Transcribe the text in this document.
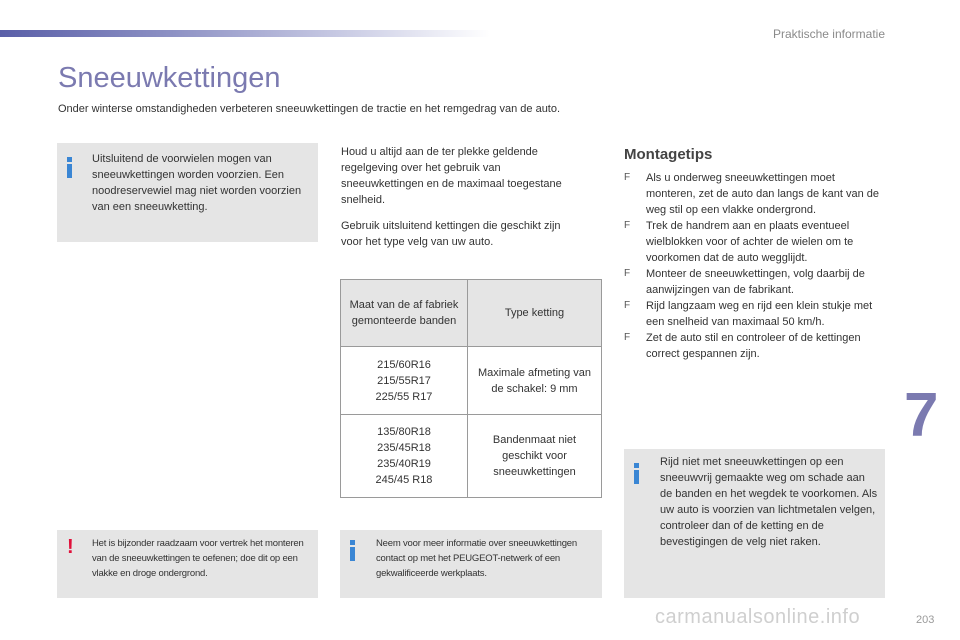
Praktische informatie
Sneeuwkettingen
Onder winterse omstandigheden verbeteren sneeuwkettingen de tractie en het remgedrag van de auto.
Uitsluitend de voorwielen mogen van sneeuwkettingen worden voorzien. Een noodreservewiel mag niet worden voorzien van een sneeuwketting.
Houd u altijd aan de ter plekke geldende regelgeving over het gebruik van sneeuwkettingen en de maximaal toegestane snelheid.
Gebruik uitsluitend kettingen die geschikt zijn voor het type velg van uw auto.
Maat van de af fabriek gemonteerde banden	Type ketting

215/60R16
215/55R17
225/55 R17	Maximale afmeting van de schakel: 9 mm

135/80R18
235/45R18
235/40R19
245/45 R18	Bandenmaat niet geschikt voor sneeuwkettingen
Montagetips
F Als u onderweg sneeuwkettingen moet monteren, zet de auto dan langs de kant van de weg stil op een vlakke ondergrond.
F Trek de handrem aan en plaats eventueel wielblokken voor of achter de wielen om te voorkomen dat de auto wegglijdt.
F Monteer de sneeuwkettingen, volg daarbij de aanwijzingen van de fabrikant.
F Rijd langzaam weg en rijd een klein stukje met een snelheid van maximaal 50 km/h.
F Zet de auto stil en controleer of de kettingen correct gespannen zijn.
Rijd niet met sneeuwkettingen op een sneeuwvrij gemaakte weg om schade aan de banden en het wegdek te voorkomen. Als uw auto is voorzien van lichtmetalen velgen, controleer dan of de ketting en de bevestigingen de velg niet raken.
! Het is bijzonder raadzaam voor vertrek het monteren van de sneeuwkettingen te oefenen; doe dit op een vlakke en droge ondergrond.
Neem voor meer informatie over sneeuwkettingen contact op met het PEUGEOT-netwerk of een gekwalificeerde werkplaats.
7
carmanualsonline.info	203
